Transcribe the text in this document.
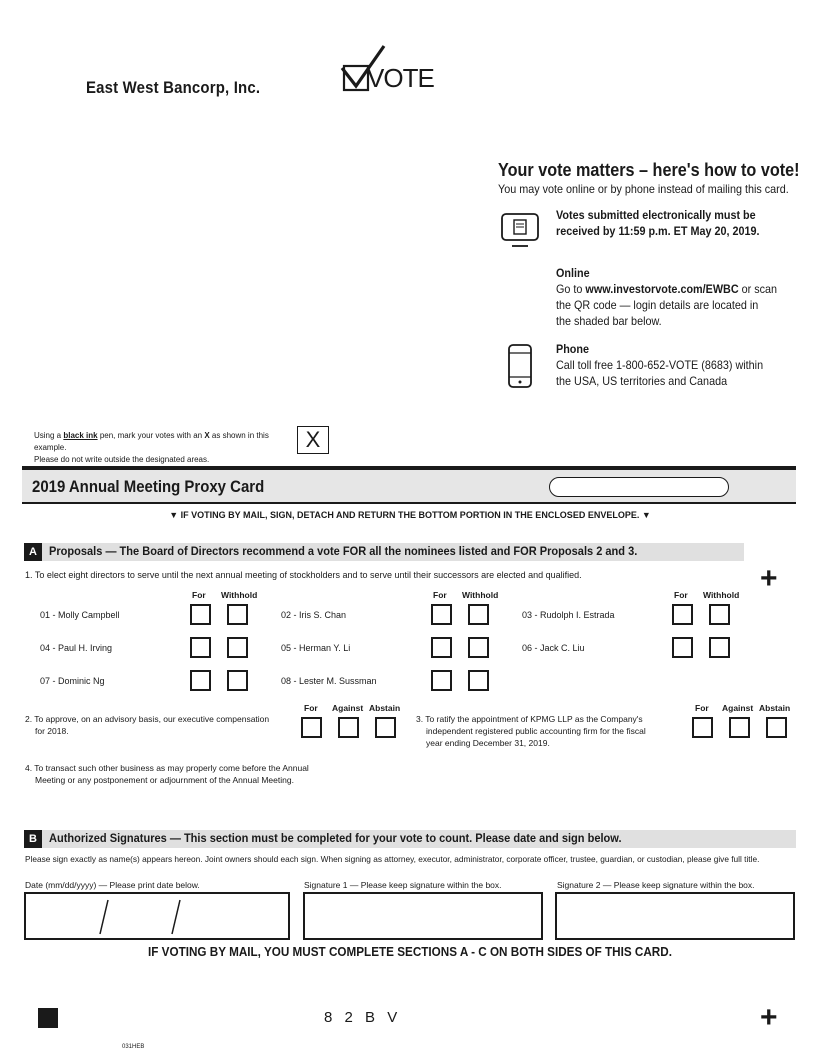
East West Bancorp, Inc.	VOTE
Your vote matters – here's how to vote!
You may vote online or by phone instead of mailing this card.
Votes submitted electronically must be
received by 11:59 p.m. ET May 20, 2019.
Online
Go to www.investorvote.com/EWBC or scan
the QR code — login details are located in
the shaded bar below.
Phone
Call toll free 1-800-652-VOTE (8683) within
the USA, US territories and Canada
Using a black ink pen, mark your votes with an X as shown in this example.
Please do not write outside the designated areas.
X
2019 Annual Meeting Proxy Card
▼ IF VOTING BY MAIL, SIGN, DETACH AND RETURN THE BOTTOM PORTION IN THE ENCLOSED ENVELOPE. ▼
A	Proposals — The Board of Directors recommend a vote FOR all the nominees listed and FOR Proposals 2 and 3.
+
1. To elect eight directors to serve until the next annual meeting of stockholders and to serve until their successors are elected and qualified.
For Withhold	For Withhold	For Withhold
01 - Molly Campbell	02 - Iris S. Chan	03 - Rudolph I. Estrada
04 - Paul H. Irving	05 - Herman Y. Li	06 - Jack C. Liu
07 - Dominic Ng	08 - Lester M. Sussman
2. To approve, on an advisory basis, our executive compensation
for 2018.
For Against Abstain
3. To ratify the appointment of KPMG LLP as the Company's
independent registered public accounting firm for the fiscal
year ending December 31, 2019.
For Against Abstain
4. To transact such other business as may properly come before the Annual
Meeting or any postponement or adjournment of the Annual Meeting.
B	Authorized Signatures — This section must be completed for your vote to count. Please date and sign below.
Please sign exactly as name(s) appears hereon. Joint owners should each sign. When signing as attorney, executor, administrator, corporate officer, trustee, guardian, or custodian, please give full title.
Date (mm/dd/yyyy) — Please print date below.	Signature 1 — Please keep signature within the box.	Signature 2 — Please keep signature within the box.
IF VOTING BY MAIL, YOU MUST COMPLETE SECTIONS A - C ON BOTH SIDES OF THIS CARD.
8 2 B V	+
031HEB
